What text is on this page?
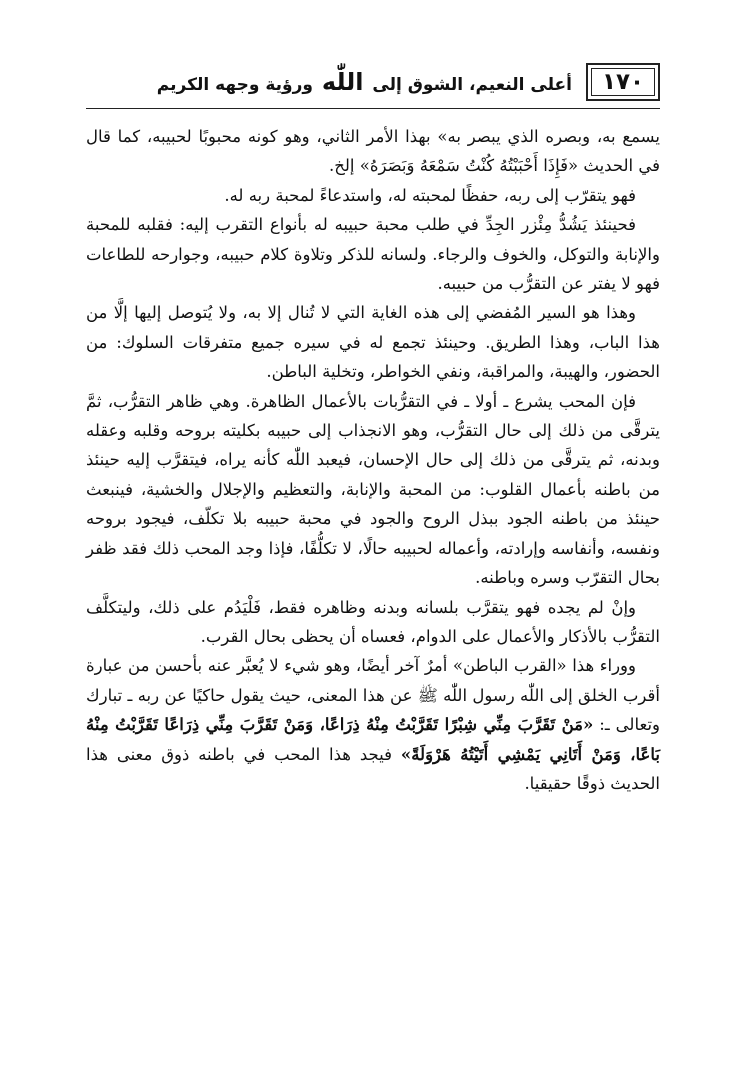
١٧٠
أعلى النعيم، الشوق إلى اللّٰه ورؤية وجهه الكريم

يسمع به، وبصره الذي يبصر به» بهذا الأمر الثاني، وهو كونه محبوبًا لحبيبه، كما قال في الحديث «فَإِذَا أَحْبَبْتُهُ كُنْتُ سَمْعَهُ وَبَصَرَهُ» إلخ.

فهو يتقرّب إلى ربه، حفظًا لمحبته له، واستدعاءً لمحبة ربه له.

فحينئذ يَشُدُّ مِئْزر الجِدِّ في طلب محبة حبيبه له بأنواع التقرب إليه: فقلبه للمحبة والإنابة والتوكل، والخوف والرجاء. ولسانه للذكر وتلاوة كلام حبيبه، وجوارحه للطاعات فهو لا يفتر عن التقرُّب من حبيبه.

وهذا هو السير المُفضي إلى هذه الغاية التي لا تُنال إلا به، ولا يُتوصل إليها إلَّا من هذا الباب، وهذا الطريق. وحينئذ تجمع له في سيره جميع متفرقات السلوك: من الحضور، والهيبة، والمراقبة، ونفي الخواطر، وتخلية الباطن.

فإن المحب يشرع ـ أولا ـ في التقرُّبات بالأعمال الظاهرة. وهي ظاهر التقرُّب، ثمَّ يترقَّى من ذلك إلى حال التقرُّب، وهو الانجذاب إلى حبيبه بكليته بروحه وقلبه وعقله وبدنه، ثم يترقَّى من ذلك إلى حال الإحسان، فيعبد اللّٰه كأنه يراه، فيتقرَّب إليه حينئذ من باطنه بأعمال القلوب: من المحبة والإنابة، والتعظيم والإجلال والخشية، فينبعث حينئذ من باطنه الجود ببذل الروح والجود في محبة حبيبه بلا تكلّف، فيجود بروحه ونفسه، وأنفاسه وإرادته، وأعماله لحبيبه حالًا، لا تكلُّفًا، فإذا وجد المحب ذلك فقد ظفر بحال التقرّب وسره وباطنه.

وإنْ لم يجده فهو يتقرَّب بلسانه وبدنه وظاهره فقط، فَلْيَدُم على ذلك، وليتكلَّف التقرُّب بالأذكار والأعمال على الدوام، فعساه أن يحظى بحال القرب.

ووراء هذا «القرب الباطن» أمرٌ آخر أيضًا، وهو شيء لا يُعبَّر عنه بأحسن من عبارة أقرب الخلق إلى اللّٰه رسول اللّٰه ﷺ عن هذا المعنى، حيث يقول حاكيًا عن ربه ـ تبارك وتعالى ـ: «مَنْ تَقَرَّبَ مِنِّي شِبْرًا تَقَرَّبْتُ مِنْهُ ذِرَاعًا، وَمَنْ تَقَرَّبَ مِنِّي ذِرَاعًا تَقَرَّبْتُ مِنْهُ بَاعًا، وَمَنْ أَتَانِي يَمْشِي أَتَيْتُهُ هَرْوَلَةً» فيجد هذا المحب في باطنه ذوق معنى هذا الحديث ذوقًا حقيقيا.
